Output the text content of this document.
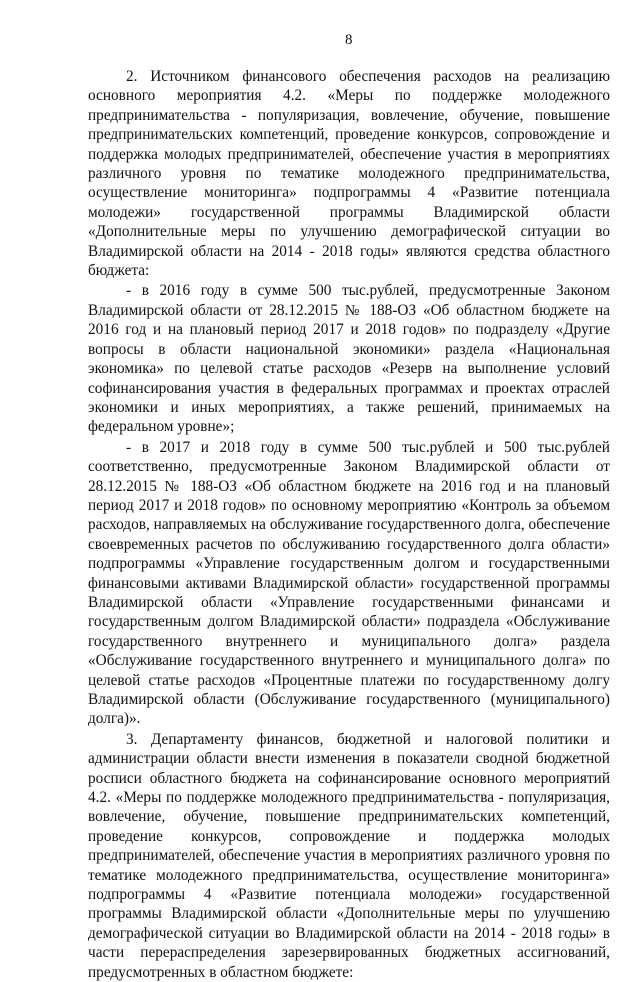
8

2. Источником финансового обеспечения расходов на реализацию основного мероприятия 4.2. «Меры по поддержке молодежного предпринимательства - популяризация, вовлечение, обучение, повышение предпринимательских компетенций, проведение конкурсов, сопровождение и поддержка молодых предпринимателей, обеспечение участия в мероприятиях различного уровня по тематике молодежного предпринимательства, осуществление мониторинга» подпрограммы 4 «Развитие потенциала молодежи» государственной программы Владимирской области «Дополнительные меры по улучшению демографической ситуации во Владимирской области на 2014 - 2018 годы» являются средства областного бюджета:

- в 2016 году в сумме 500 тыс.рублей, предусмотренные Законом Владимирской области от 28.12.2015 № 188-ОЗ «Об областном бюджете на 2016 год и на плановый период 2017 и 2018 годов» по подразделу «Другие вопросы в области национальной экономики» раздела «Национальная экономика» по целевой статье расходов «Резерв на выполнение условий софинансирования участия в федеральных программах и проектах отраслей экономики и иных мероприятиях, а также решений, принимаемых на федеральном уровне»;

- в 2017 и 2018 году в сумме 500 тыс.рублей и 500 тыс.рублей соответственно, предусмотренные Законом Владимирской области от 28.12.2015 № 188-ОЗ «Об областном бюджете на 2016 год и на плановый период 2017 и 2018 годов» по основному мероприятию «Контроль за объемом расходов, направляемых на обслуживание государственного долга, обеспечение своевременных расчетов по обслуживанию государственного долга области» подпрограммы «Управление государственным долгом и государственными финансовыми активами Владимирской области» государственной программы Владимирской области «Управление государственными финансами и государственным долгом Владимирской области» подраздела «Обслуживание государственного внутреннего и муниципального долга» раздела «Обслуживание государственного внутреннего и муниципального долга» по целевой статье расходов «Процентные платежи по государственному долгу Владимирской области (Обслуживание государственного (муниципального) долга)».

3. Департаменту финансов, бюджетной и налоговой политики и администрации области внести изменения в показатели сводной бюджетной росписи областного бюджета на софинансирование основного мероприятий 4.2. «Меры по поддержке молодежного предпринимательства - популяризация, вовлечение, обучение, повышение предпринимательских компетенций, проведение конкурсов, сопровождение и поддержка молодых предпринимателей, обеспечение участия в мероприятиях различного уровня по тематике молодежного предпринимательства, осуществление мониторинга» подпрограммы 4 «Развитие потенциала молодежи» государственной программы Владимирской области «Дополнительные меры по улучшению демографической ситуации во Владимирской области на 2014 - 2018 годы» в части перераспределения зарезервированных бюджетных ассигнований, предусмотренных в областном бюджете:
